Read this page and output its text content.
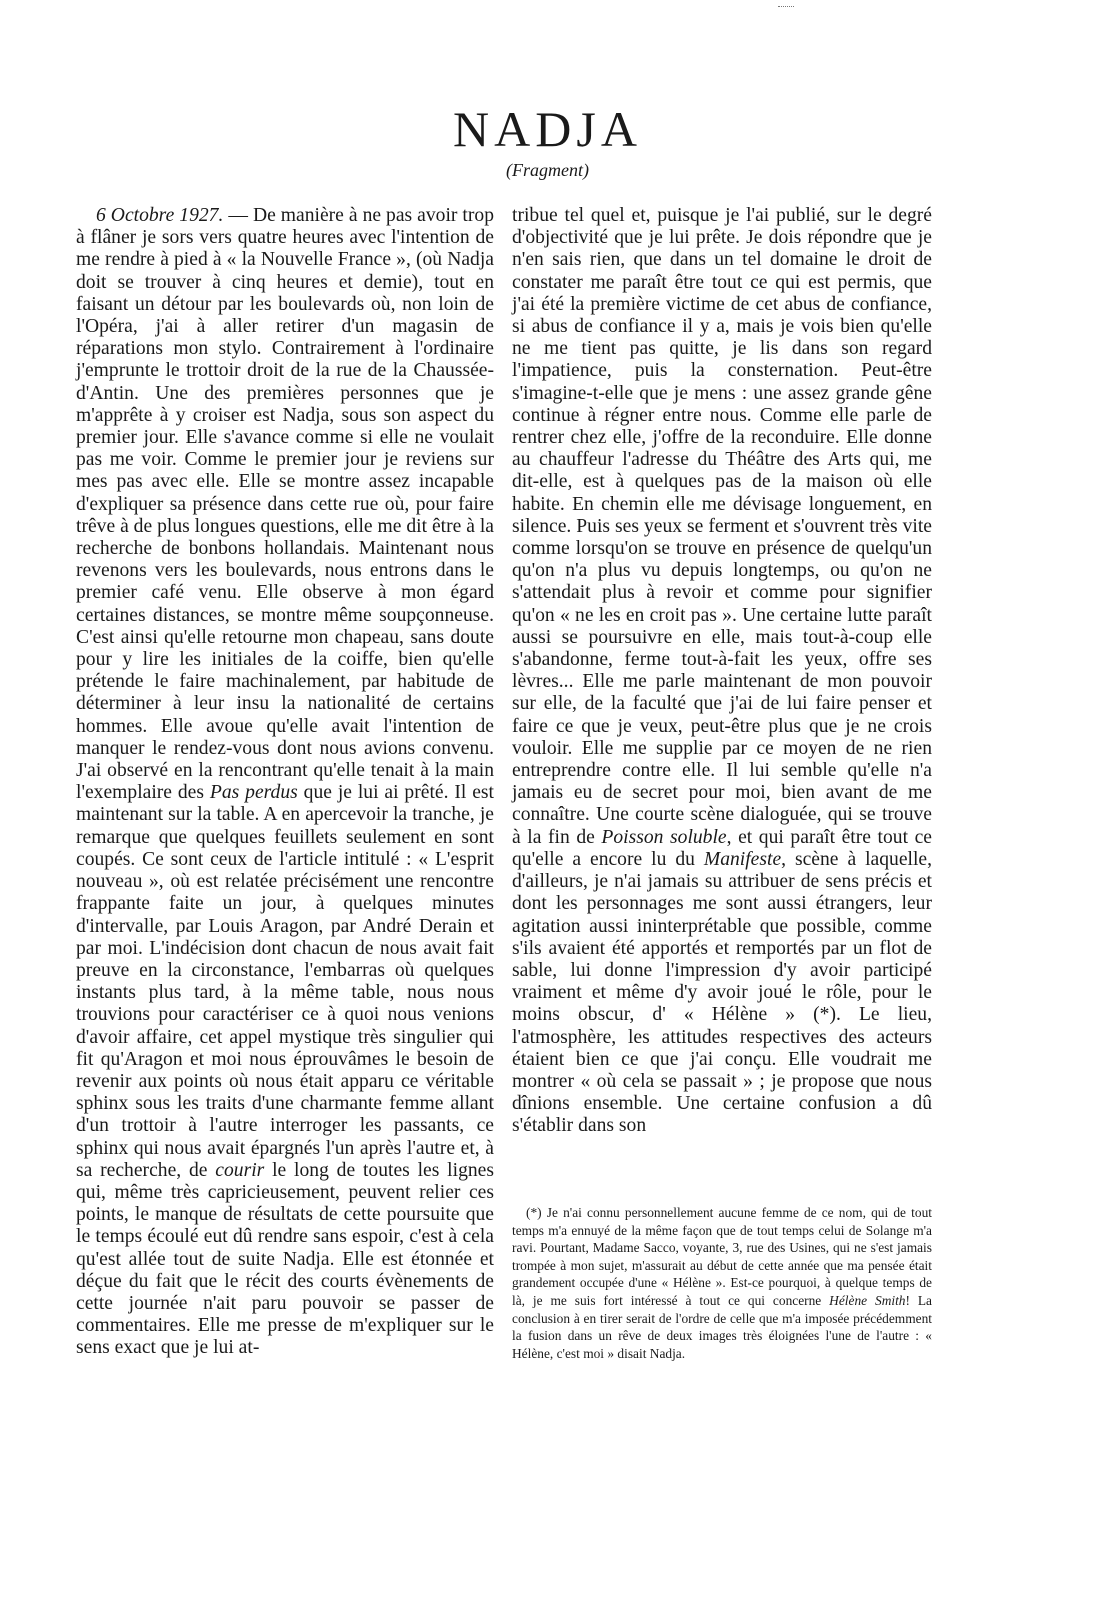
NADJA
(Fragment)

6 Octobre 1927. — De manière à ne pas avoir trop à flâner je sors vers quatre heures avec l'intention de me rendre à pied à « la Nouvelle France », (où Nadja doit se trouver à cinq heures et demie), tout en faisant un détour par les boulevards où, non loin de l'Opéra, j'ai à aller retirer d'un magasin de réparations mon stylo. Contrairement à l'ordinaire j'emprunte le trottoir droit de la rue de la Chaussée-d'Antin. Une des premières personnes que je m'apprête à y croiser est Nadja, sous son aspect du premier jour. Elle s'avance comme si elle ne voulait pas me voir. Comme le premier jour je reviens sur mes pas avec elle. Elle se montre assez incapable d'expliquer sa présence dans cette rue où, pour faire trêve à de plus longues questions, elle me dit être à la recherche de bonbons hollandais. Maintenant nous revenons vers les boulevards, nous entrons dans le premier café venu. Elle observe à mon égard certaines distances, se montre même soupçonneuse. C'est ainsi qu'elle retourne mon chapeau, sans doute pour y lire les initiales de la coiffe, bien qu'elle prétende le faire machinalement, par habitude de déterminer à leur insu la nationalité de certains hommes. Elle avoue qu'elle avait l'intention de manquer le rendez-vous dont nous avions convenu. J'ai observé en la rencontrant qu'elle tenait à la main l'exemplaire des Pas perdus que je lui ai prêté. Il est maintenant sur la table. A en apercevoir la tranche, je remarque que quelques feuillets seulement en sont coupés. Ce sont ceux de l'article intitulé : « L'esprit nouveau », où est relatée précisément une rencontre frappante faite un jour, à quelques minutes d'intervalle, par Louis Aragon, par André Derain et par moi. L'indécision dont chacun de nous avait fait preuve en la circonstance, l'embarras où quelques instants plus tard, à la même table, nous nous trouvions pour caractériser ce à quoi nous venions d'avoir affaire, cet appel mystique très singulier qui fit qu'Aragon et moi nous éprouvâmes le besoin de revenir aux points où nous était apparu ce véritable sphinx sous les traits d'une charmante femme allant d'un trottoir à l'autre interroger les passants, ce sphinx qui nous avait épargnés l'un après l'autre et, à sa recherche, de courir le long de toutes les lignes qui, même très capricieusement, peuvent relier ces points, le manque de résultats de cette poursuite que le temps écoulé eut dû rendre sans espoir, c'est à cela qu'est allée tout de suite Nadja. Elle est étonnée et déçue du fait que le récit des courts évènements de cette journée n'ait paru pouvoir se passer de commentaires. Elle me presse de m'expliquer sur le sens exact que je lui at-

tribue tel quel et, puisque je l'ai publié, sur le degré d'objectivité que je lui prête. Je dois répondre que je n'en sais rien, que dans un tel domaine le droit de constater me paraît être tout ce qui est permis, que j'ai été la première victime de cet abus de confiance, si abus de confiance il y a, mais je vois bien qu'elle ne me tient pas quitte, je lis dans son regard l'impatience, puis la consternation. Peut-être s'imagine-t-elle que je mens : une assez grande gêne continue à régner entre nous. Comme elle parle de rentrer chez elle, j'offre de la reconduire. Elle donne au chauffeur l'adresse du Théâtre des Arts qui, me dit-elle, est à quelques pas de la maison où elle habite. En chemin elle me dévisage longuement, en silence. Puis ses yeux se ferment et s'ouvrent très vite comme lorsqu'on se trouve en présence de quelqu'un qu'on n'a plus vu depuis longtemps, ou qu'on ne s'attendait plus à revoir et comme pour signifier qu'on « ne les en croit pas ». Une certaine lutte paraît aussi se poursuivre en elle, mais tout-à-coup elle s'abandonne, ferme tout-à-fait les yeux, offre ses lèvres... Elle me parle maintenant de mon pouvoir sur elle, de la faculté que j'ai de lui faire penser et faire ce que je veux, peut-être plus que je ne crois vouloir. Elle me supplie par ce moyen de ne rien entreprendre contre elle. Il lui semble qu'elle n'a jamais eu de secret pour moi, bien avant de me connaître. Une courte scène dialoguée, qui se trouve à la fin de Poisson soluble, et qui paraît être tout ce qu'elle a encore lu du Manifeste, scène à laquelle, d'ailleurs, je n'ai jamais su attribuer de sens précis et dont les personnages me sont aussi étrangers, leur agitation aussi ininterprétable que possible, comme s'ils avaient été apportés et remportés par un flot de sable, lui donne l'impression d'y avoir participé vraiment et même d'y avoir joué le rôle, pour le moins obscur, d' « Hélène » (*). Le lieu, l'atmosphère, les attitudes respectives des acteurs étaient bien ce que j'ai conçu. Elle voudrait me montrer « où cela se passait » ; je propose que nous dînions ensemble. Une certaine confusion a dû s'établir dans son

(*) Je n'ai connu personnellement aucune femme de ce nom, qui de tout temps m'a ennuyé de la même façon que de tout temps celui de Solange m'a ravi. Pourtant, Madame Sacco, voyante, 3, rue des Usines, qui ne s'est jamais trompée à mon sujet, m'assurait au début de cette année que ma pensée était grandement occupée d'une « Hélène ». Est-ce pourquoi, à quelque temps de là, je me suis fort intéressé à tout ce qui concerne Hélène Smith! La conclusion à en tirer serait de l'ordre de celle que m'a imposée précédemment la fusion dans un rêve de deux images très éloignées l'une de l'autre : « Hélène, c'est moi » disait Nadja.
